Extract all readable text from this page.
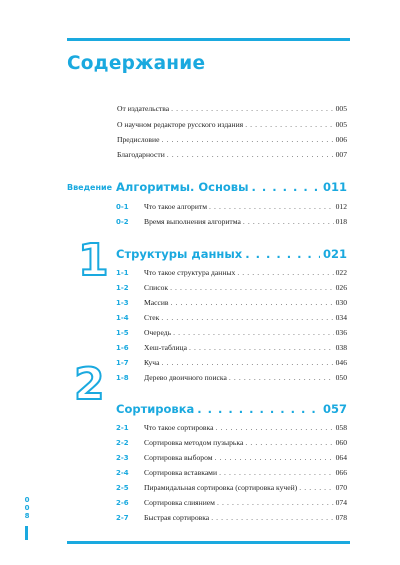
Содержание
От издательства . . .	005
О научном редакторе русского издания . . .	005
Предисловие . . .	006
Благодарности . . .	007
Введение Алгоритмы. Основы . . .	011
0-1 Что такое алгоритм . . .	012
0-2 Время выполнения алгоритма . . .	018
1 Структуры данных . . .	021
1-1 Что такое структура данных . . .	022
1-2 Список . . .	026
1-3 Массив . . .	030
1-4 Стек . . .	034
1-5 Очередь . . .	036
1-6 Хеш-таблица . . .	038
1-7 Куча . . .	046
1-8 Дерево двоичного поиска . . .	050
2 Сортировка . . .	057
2-1 Что такое сортировка . . .	058
2-2 Сортировка методом пузырька . . .	060
2-3 Сортировка выбором . . .	064
2-4 Сортировка вставками . . .	066
2-5 Пирамидальная сортировка (сортировка кучей) . . .	070
2-6 Сортировка слиянием . . .	074
2-7 Быстрая сортировка . . .	078
0
0
8
